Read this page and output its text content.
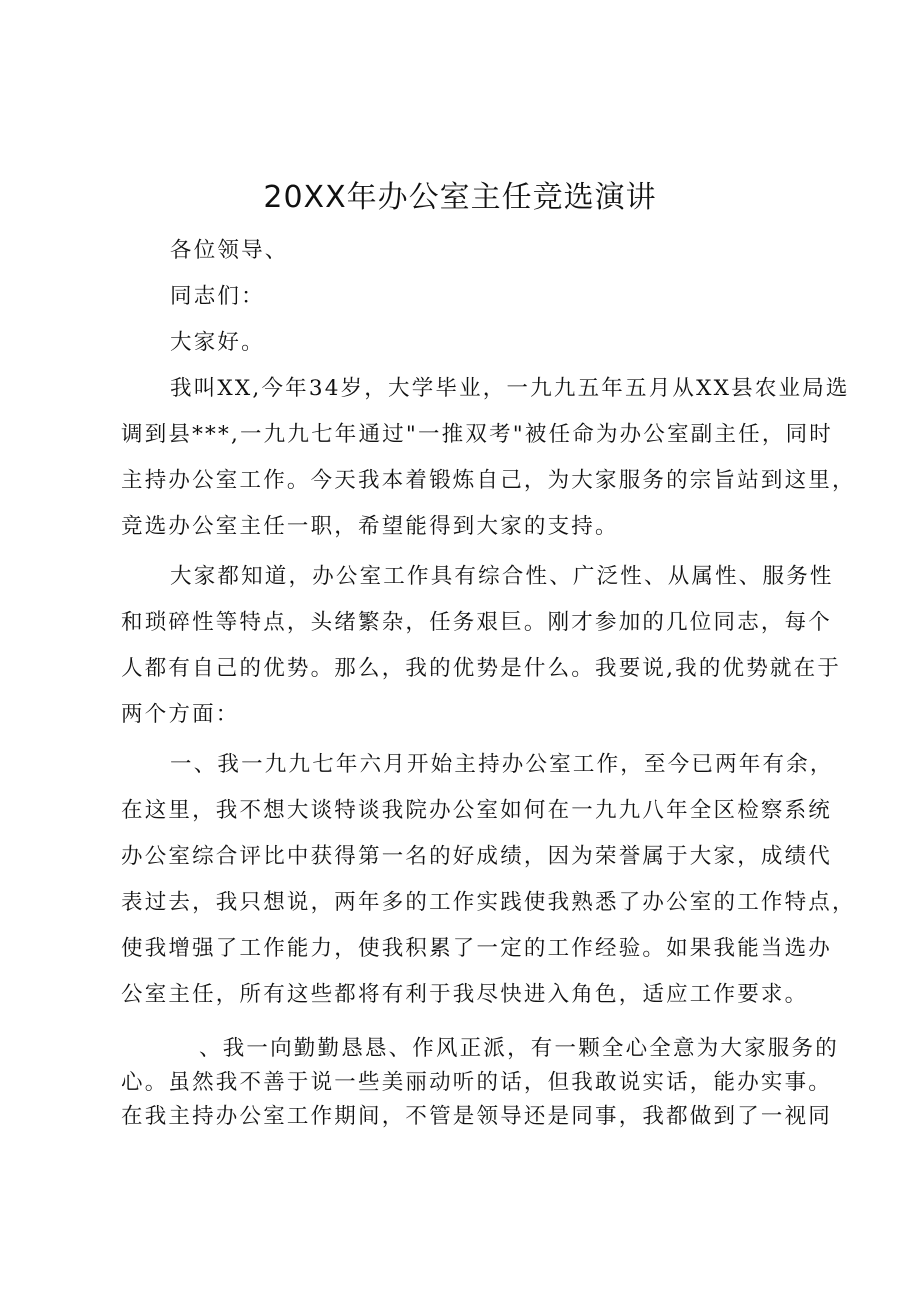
20XX年办公室主任竞选演讲

各位领导、

同志们：

大家好。

我叫XX,今年34岁，大学毕业，一九九五年五月从XX县农业局选

调到县***,一九九七年通过"一推双考"被任命为办公室副主任，同时

主持办公室工作。今天我本着锻炼自己，为大家服务的宗旨站到这里，

竞选办公室主任一职，希望能得到大家的支持。

大家都知道，办公室工作具有综合性、广泛性、从属性、服务性

和琐碎性等特点，头绪繁杂，任务艰巨。刚才参加的几位同志，每个

人都有自己的优势。那么，我的优势是什么。我要说,我的优势就在于

两个方面：

一、我一九九七年六月开始主持办公室工作，至今已两年有余，

在这里，我不想大谈特谈我院办公室如何在一九九八年全区检察系统

办公室综合评比中获得第一名的好成绩，因为荣誉属于大家，成绩代

表过去，我只想说，两年多的工作实践使我熟悉了办公室的工作特点，

使我增强了工作能力，使我积累了一定的工作经验。如果我能当选办

公室主任，所有这些都将有利于我尽快进入角色，适应工作要求。

、我一向勤勤恳恳、作风正派，有一颗全心全意为大家服务的

心。虽然我不善于说一些美丽动听的话，但我敢说实话，能办实事。

在我主持办公室工作期间，不管是领导还是同事，我都做到了一视同
